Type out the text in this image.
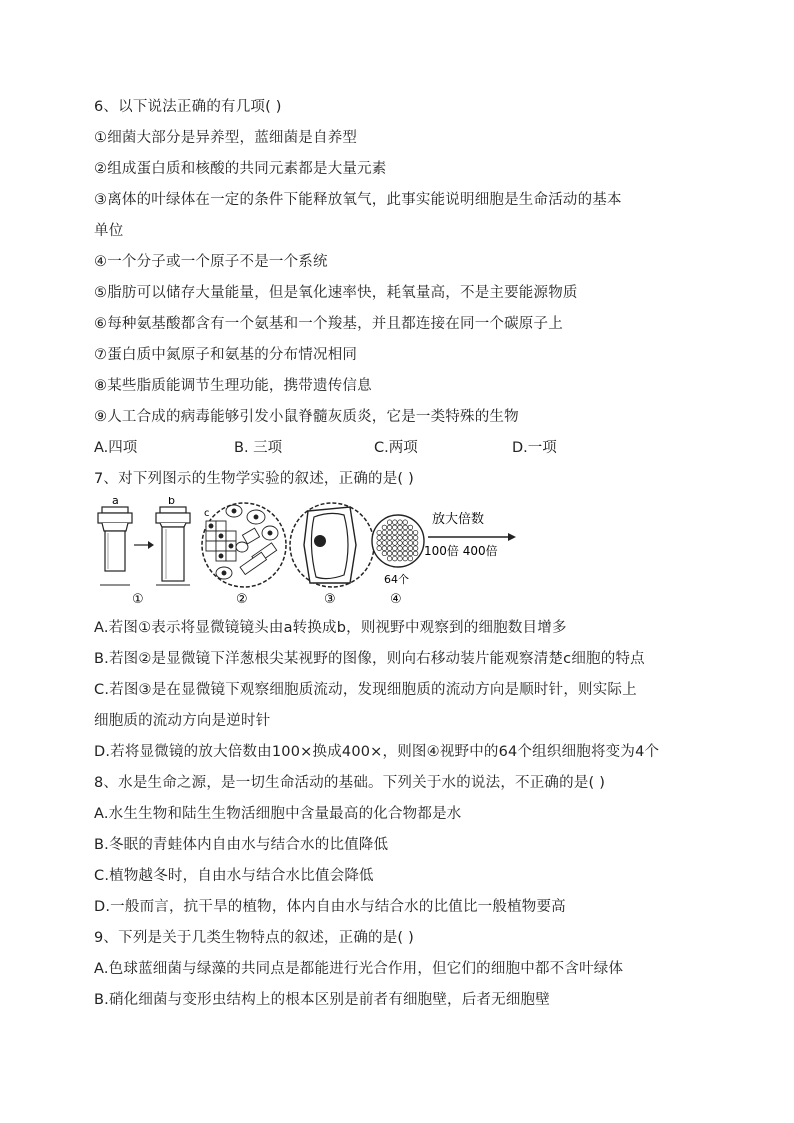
6、以下说法正确的有几项( )
①细菌大部分是异养型，蓝细菌是自养型
②组成蛋白质和核酸的共同元素都是大量元素
③离体的叶绿体在一定的条件下能释放氧气，此事实能说明细胞是生命活动的基本
单位
④一个分子或一个原子不是一个系统
⑤脂肪可以储存大量能量，但是氧化速率快，耗氧量高，不是主要能源物质
⑥每种氨基酸都含有一个氨基和一个羧基，并且都连接在同一个碳原子上
⑦蛋白质中氮原子和氨基的分布情况相同
⑧某些脂质能调节生理功能，携带遗传信息
⑨人工合成的病毒能够引发小鼠脊髓灰质炎，它是一类特殊的生物
A.四项	B. 三项	C.两项	D.一项
7、对下列图示的生物学实验的叙述，正确的是( )
a	b
c
64个
放大倍数
100倍 400倍
①	②	③	④
A.若图①表示将显微镜镜头由a转换成b，则视野中观察到的细胞数目增多
B.若图②是显微镜下洋葱根尖某视野的图像，则向右移动装片能观察清楚c细胞的特点
C.若图③是在显微镜下观察细胞质流动，发现细胞质的流动方向是顺时针，则实际上
细胞质的流动方向是逆时针
D.若将显微镜的放大倍数由100×换成400×，则图④视野中的64个组织细胞将变为4个
8、水是生命之源，是一切生命活动的基础。下列关于水的说法，不正确的是( )
A.水生生物和陆生生物活细胞中含量最高的化合物都是水
B.冬眠的青蛙体内自由水与结合水的比值降低
C.植物越冬时，自由水与结合水比值会降低
D.一般而言，抗干旱的植物，体内自由水与结合水的比值比一般植物要高
9、下列是关于几类生物特点的叙述，正确的是( )
A.色球蓝细菌与绿藻的共同点是都能进行光合作用，但它们的细胞中都不含叶绿体
B.硝化细菌与变形虫结构上的根本区别是前者有细胞壁，后者无细胞壁
